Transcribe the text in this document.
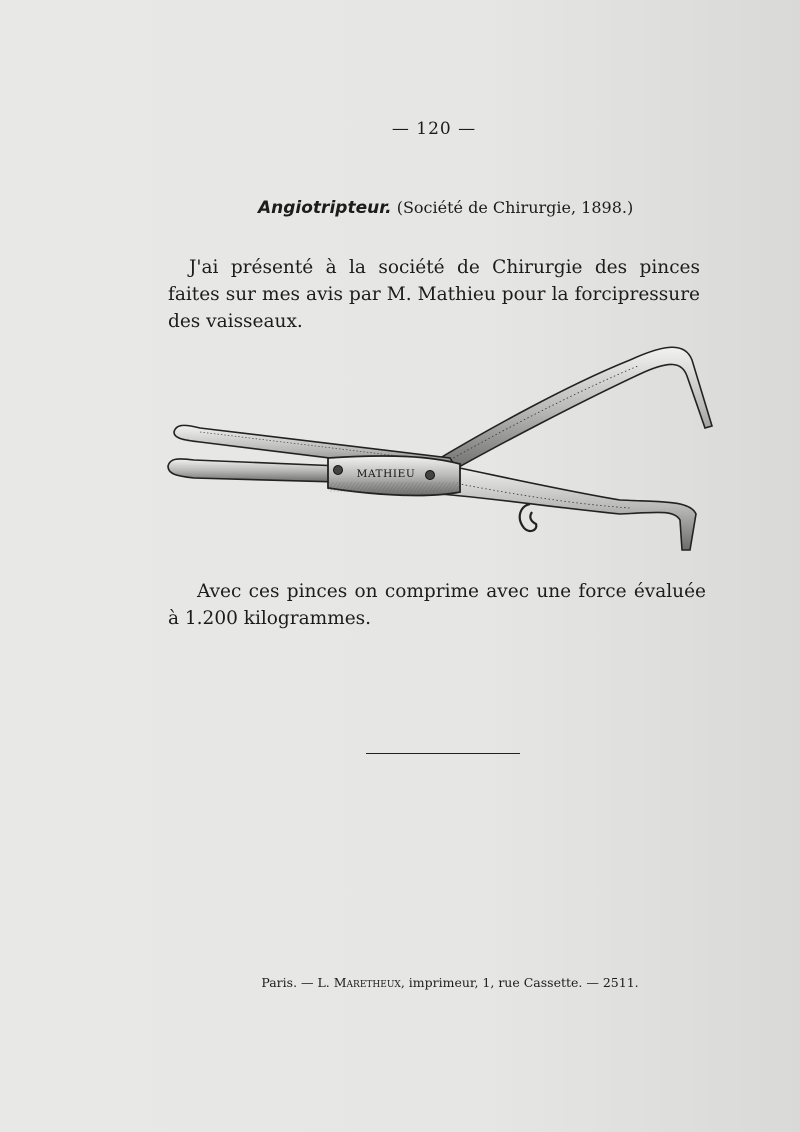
— 120 —
Angiotripteur. (Société de Chirurgie, 1898.)

J'ai présenté à la société de Chirurgie des pinces faites sur mes avis par M. Mathieu pour la forcipressure des vaisseaux.

MATHIEU

Avec ces pinces on comprime avec une force évaluée à 1.200 kilogrammes.

Paris. — L. Maretheux, imprimeur, 1, rue Cassette. — 2511.
